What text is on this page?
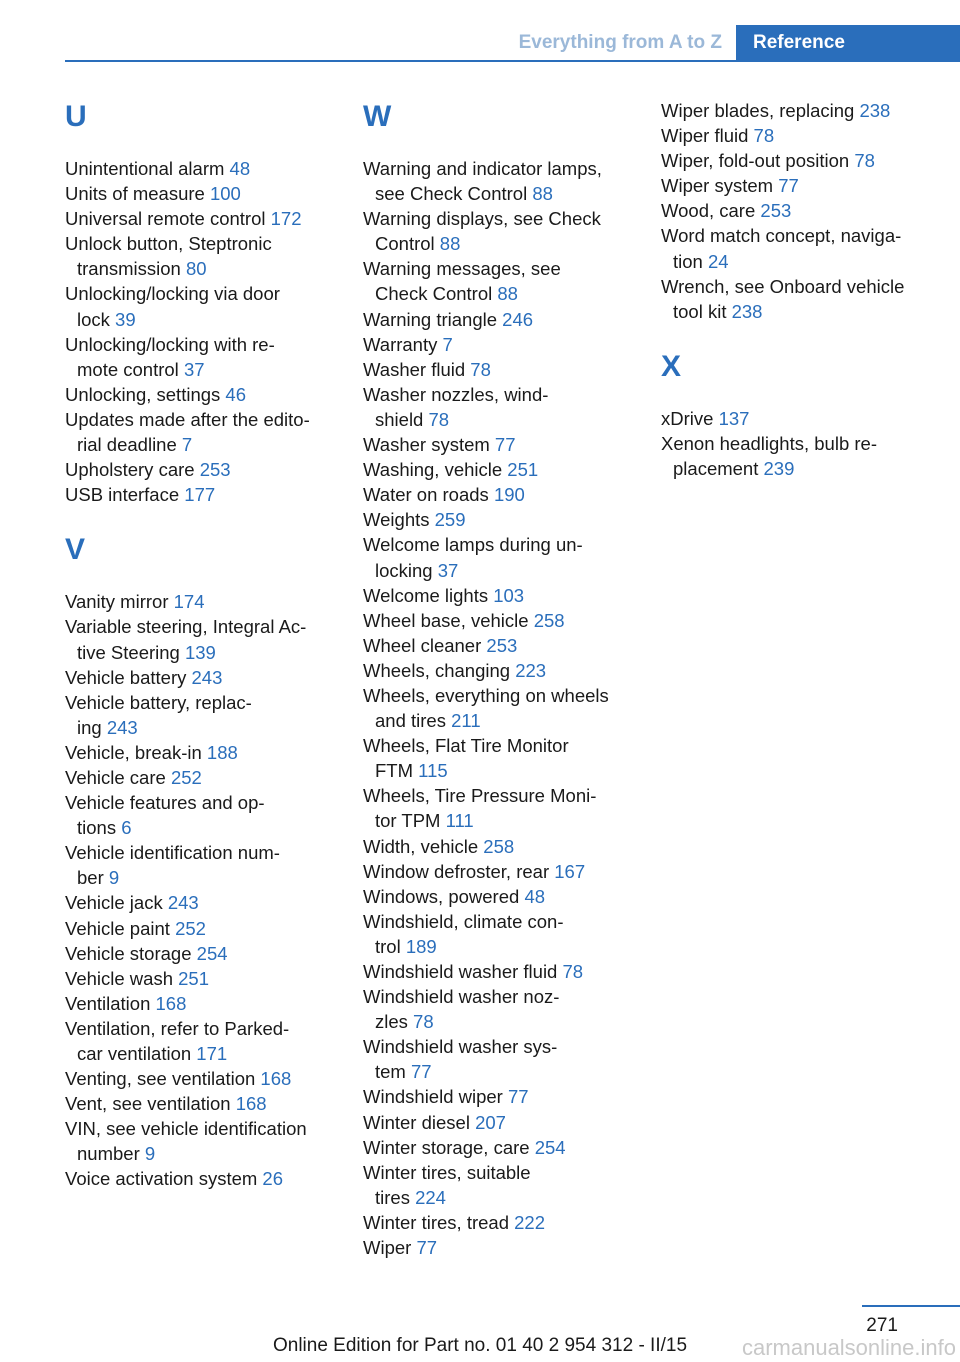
Everything from A to Z	Reference
U
Unintentional alarm 48
Units of measure 100
Universal remote control 172
Unlock button, Steptronic
transmission 80
Unlocking/locking via door
lock 39
Unlocking/locking with re-
mote control 37
Unlocking, settings 46
Updates made after the edito-
rial deadline 7
Upholstery care 253
USB interface 177
V
Vanity mirror 174
Variable steering, Integral Ac-
tive Steering 139
Vehicle battery 243
Vehicle battery, replac-
ing 243
Vehicle, break-in 188
Vehicle care 252
Vehicle features and op-
tions 6
Vehicle identification num-
ber 9
Vehicle jack 243
Vehicle paint 252
Vehicle storage 254
Vehicle wash 251
Ventilation 168
Ventilation, refer to Parked-
car ventilation 171
Venting, see ventilation 168
Vent, see ventilation 168
VIN, see vehicle identification
number 9
Voice activation system 26
W
Warning and indicator lamps,
see Check Control 88
Warning displays, see Check
Control 88
Warning messages, see
Check Control 88
Warning triangle 246
Warranty 7
Washer fluid 78
Washer nozzles, wind-
shield 78
Washer system 77
Washing, vehicle 251
Water on roads 190
Weights 259
Welcome lamps during un-
locking 37
Welcome lights 103
Wheel base, vehicle 258
Wheel cleaner 253
Wheels, changing 223
Wheels, everything on wheels
and tires 211
Wheels, Flat Tire Monitor
FTM 115
Wheels, Tire Pressure Moni-
tor TPM 111
Width, vehicle 258
Window defroster, rear 167
Windows, powered 48
Windshield, climate con-
trol 189
Windshield washer fluid 78
Windshield washer noz-
zles 78
Windshield washer sys-
tem 77
Windshield wiper 77
Winter diesel 207
Winter storage, care 254
Winter tires, suitable
tires 224
Winter tires, tread 222
Wiper 77
Wiper blades, replacing 238
Wiper fluid 78
Wiper, fold-out position 78
Wiper system 77
Wood, care 253
Word match concept, naviga-
tion 24
Wrench, see Onboard vehicle
tool kit 238
X
xDrive 137
Xenon headlights, bulb re-
placement 239
271
Online Edition for Part no. 01 40 2 954 312 - II/15	carmanualsonline.info
